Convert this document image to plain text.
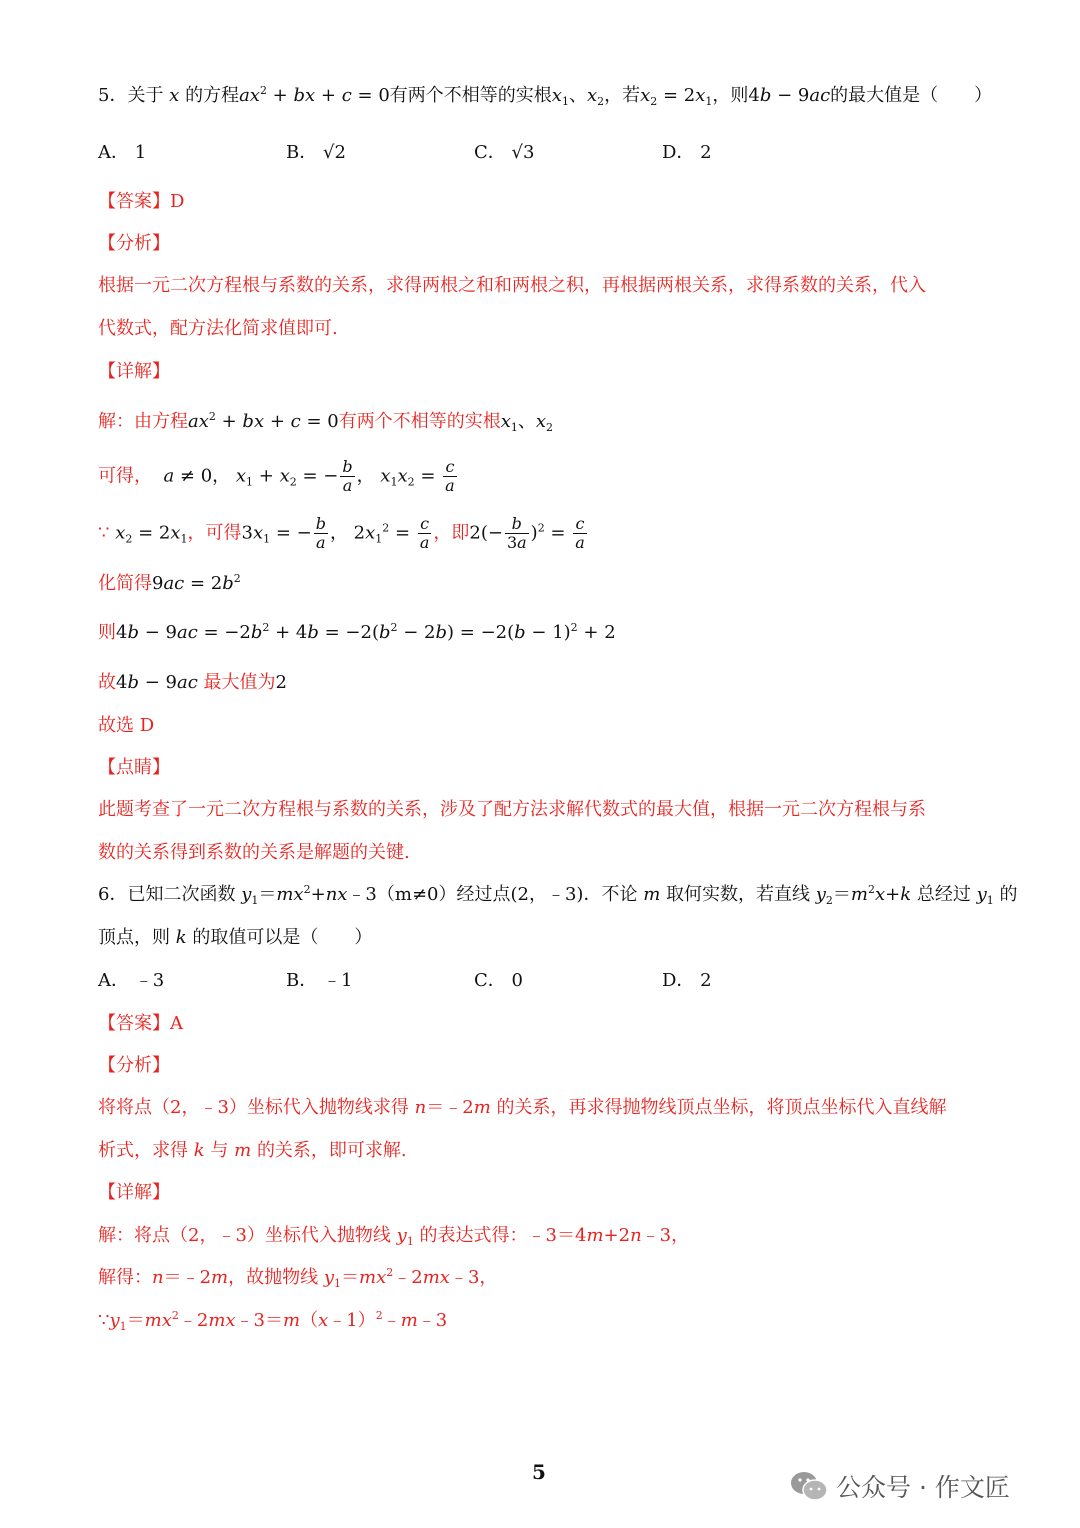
5．关于 x 的方程$ax^2$ + bx + c = 0有两个不相等的实根$x_1$、$x_2$，若$x_2 = 2x_1$，则4b − 9ac的最大值是（　　）
A． 1	B． √2	C． √3	D． 2
【答案】D
【分析】
根据一元二次方程根与系数的关系，求得两根之和和两根之积，再根据两根关系，求得系数的关系，代入
代数式，配方法化简求值即可.
【详解】
解：由方程$ax^2$ + bx + c = 0有两个不相等的实根$x_1$、$x_2$
可得， a ≠ 0， $x_1 + x_2$ = − $\frac{b}{a}$ ， $x_1x_2 = \frac{c}{a}$
∵ $x_2 = 2x_1$，可得$3x_1$ = − $\frac{b}{a}$ ， $2x_1^2 = \frac{c}{a}$ ，即$2(- \frac{b}{3a} )^2 = \frac{c}{a}$
化简得$9ac = 2b^2$
则$4b - 9ac = -2b^2 + 4b = -2(b^2 - 2b) = -2(b - 1)^2 + 2$
故4b − 9ac 最大值为2
故选 D
【点睛】
此题考查了一元二次方程根与系数的关系，涉及了配方法求解代数式的最大值，根据一元二次方程根与系
数的关系得到系数的关系是解题的关键.
6．已知二次函数 $y_1=mx^2+nx﹣3(m\ne 0)$经过点(2，﹣3)．不论 m 取何实数，若直线 $y_2=m^2x+k$ 总经过 $y_1$ 的
顶点，则 k 的取值可以是（　　）
A． ﹣3	B． ﹣1	C． 0	D． 2
【答案】A
【分析】
将将点（2，﹣3）坐标代入抛物线求得 n＝﹣2m 的关系，再求得抛物线顶点坐标，将顶点坐标代入直线解
析式，求得 k 与 m 的关系，即可求解.
【详解】
解：将点（2，﹣3）坐标代入抛物线 $y_1$ 的表达式得：﹣3＝4m+2n﹣3，
解得：n＝﹣2m，故抛物线 $y_1=mx^2﹣2mx﹣3$，
$\because y_1=mx^2﹣2mx﹣3=m(x﹣1)^2﹣m﹣3$
5
公众号 · 作文匠
